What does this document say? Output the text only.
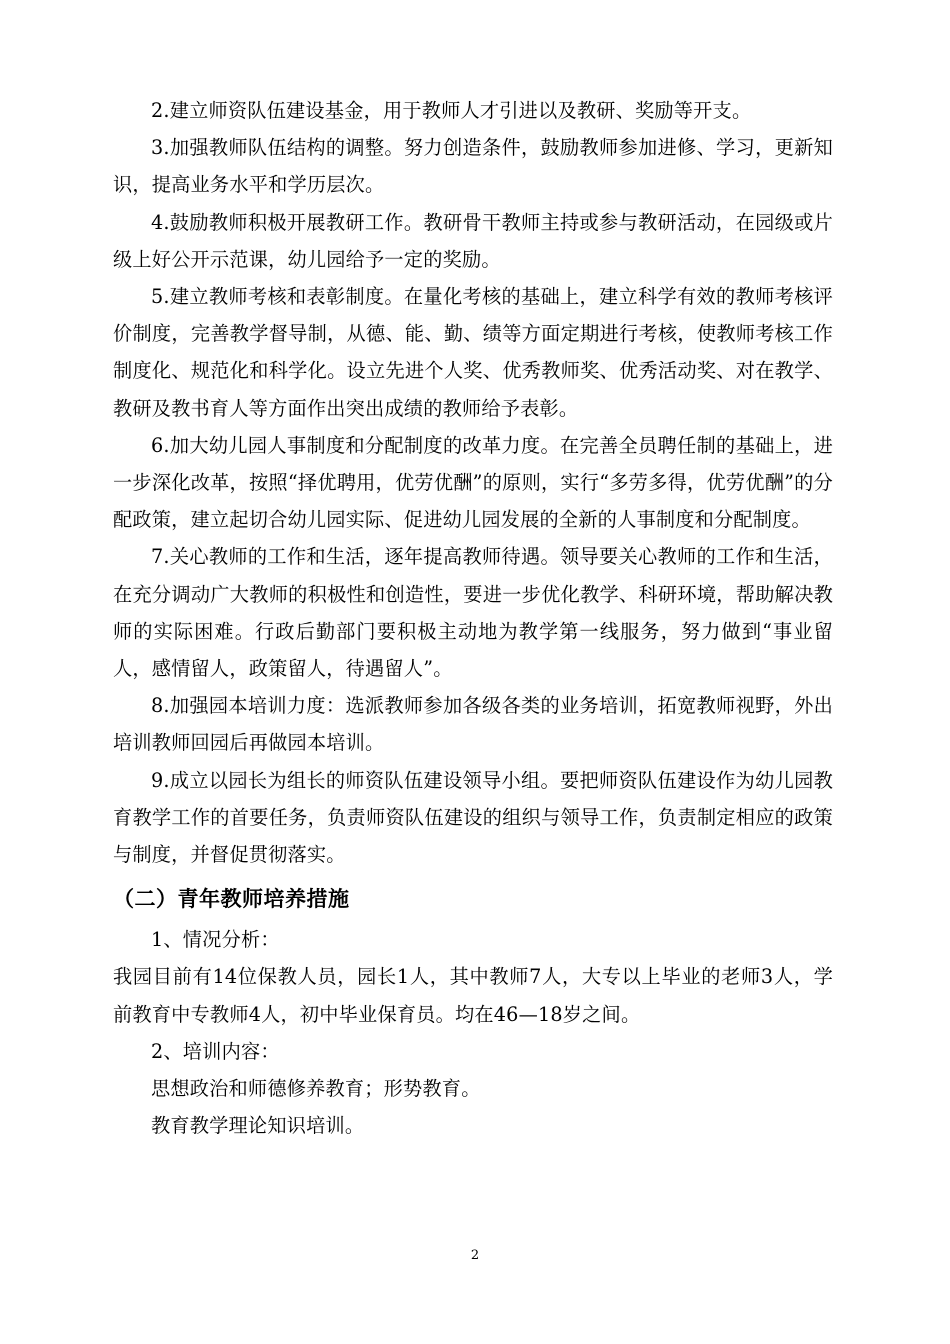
2.建立师资队伍建设基金，用于教师人才引进以及教研、奖励等开支。

3.加强教师队伍结构的调整。努力创造条件，鼓励教师参加进修、学习，更新知识，提高业务水平和学历层次。

4.鼓励教师积极开展教研工作。教研骨干教师主持或参与教研活动，在园级或片级上好公开示范课，幼儿园给予一定的奖励。

5.建立教师考核和表彰制度。在量化考核的基础上，建立科学有效的教师考核评价制度，完善教学督导制，从德、能、勤、绩等方面定期进行考核，使教师考核工作制度化、规范化和科学化。设立先进个人奖、优秀教师奖、优秀活动奖、对在教学、教研及教书育人等方面作出突出成绩的教师给予表彰。

6.加大幼儿园人事制度和分配制度的改革力度。在完善全员聘任制的基础上，进一步深化改革，按照“择优聘用，优劳优酬”的原则，实行“多劳多得，优劳优酬”的分配政策，建立起切合幼儿园实际、促进幼儿园发展的全新的人事制度和分配制度。

7.关心教师的工作和生活，逐年提高教师待遇。领导要关心教师的工作和生活，在充分调动广大教师的积极性和创造性，要进一步优化教学、科研环境，帮助解决教师的实际困难。行政后勤部门要积极主动地为教学第一线服务，努力做到“事业留人，感情留人，政策留人，待遇留人”。

8.加强园本培训力度：选派教师参加各级各类的业务培训，拓宽教师视野，外出培训教师回园后再做园本培训。

9.成立以园长为组长的师资队伍建设领导小组。要把师资队伍建设作为幼儿园教育教学工作的首要任务，负责师资队伍建设的组织与领导工作，负责制定相应的政策与制度，并督促贯彻落实。

（二）青年教师培养措施

1、情况分析：

我园目前有14位保教人员，园长1人，其中教师7人，大专以上毕业的老师3人，学前教育中专教师4人，初中毕业保育员。均在46—18岁之间。

2、培训内容：

思想政治和师德修养教育；形势教育。

教育教学理论知识培训。

2
